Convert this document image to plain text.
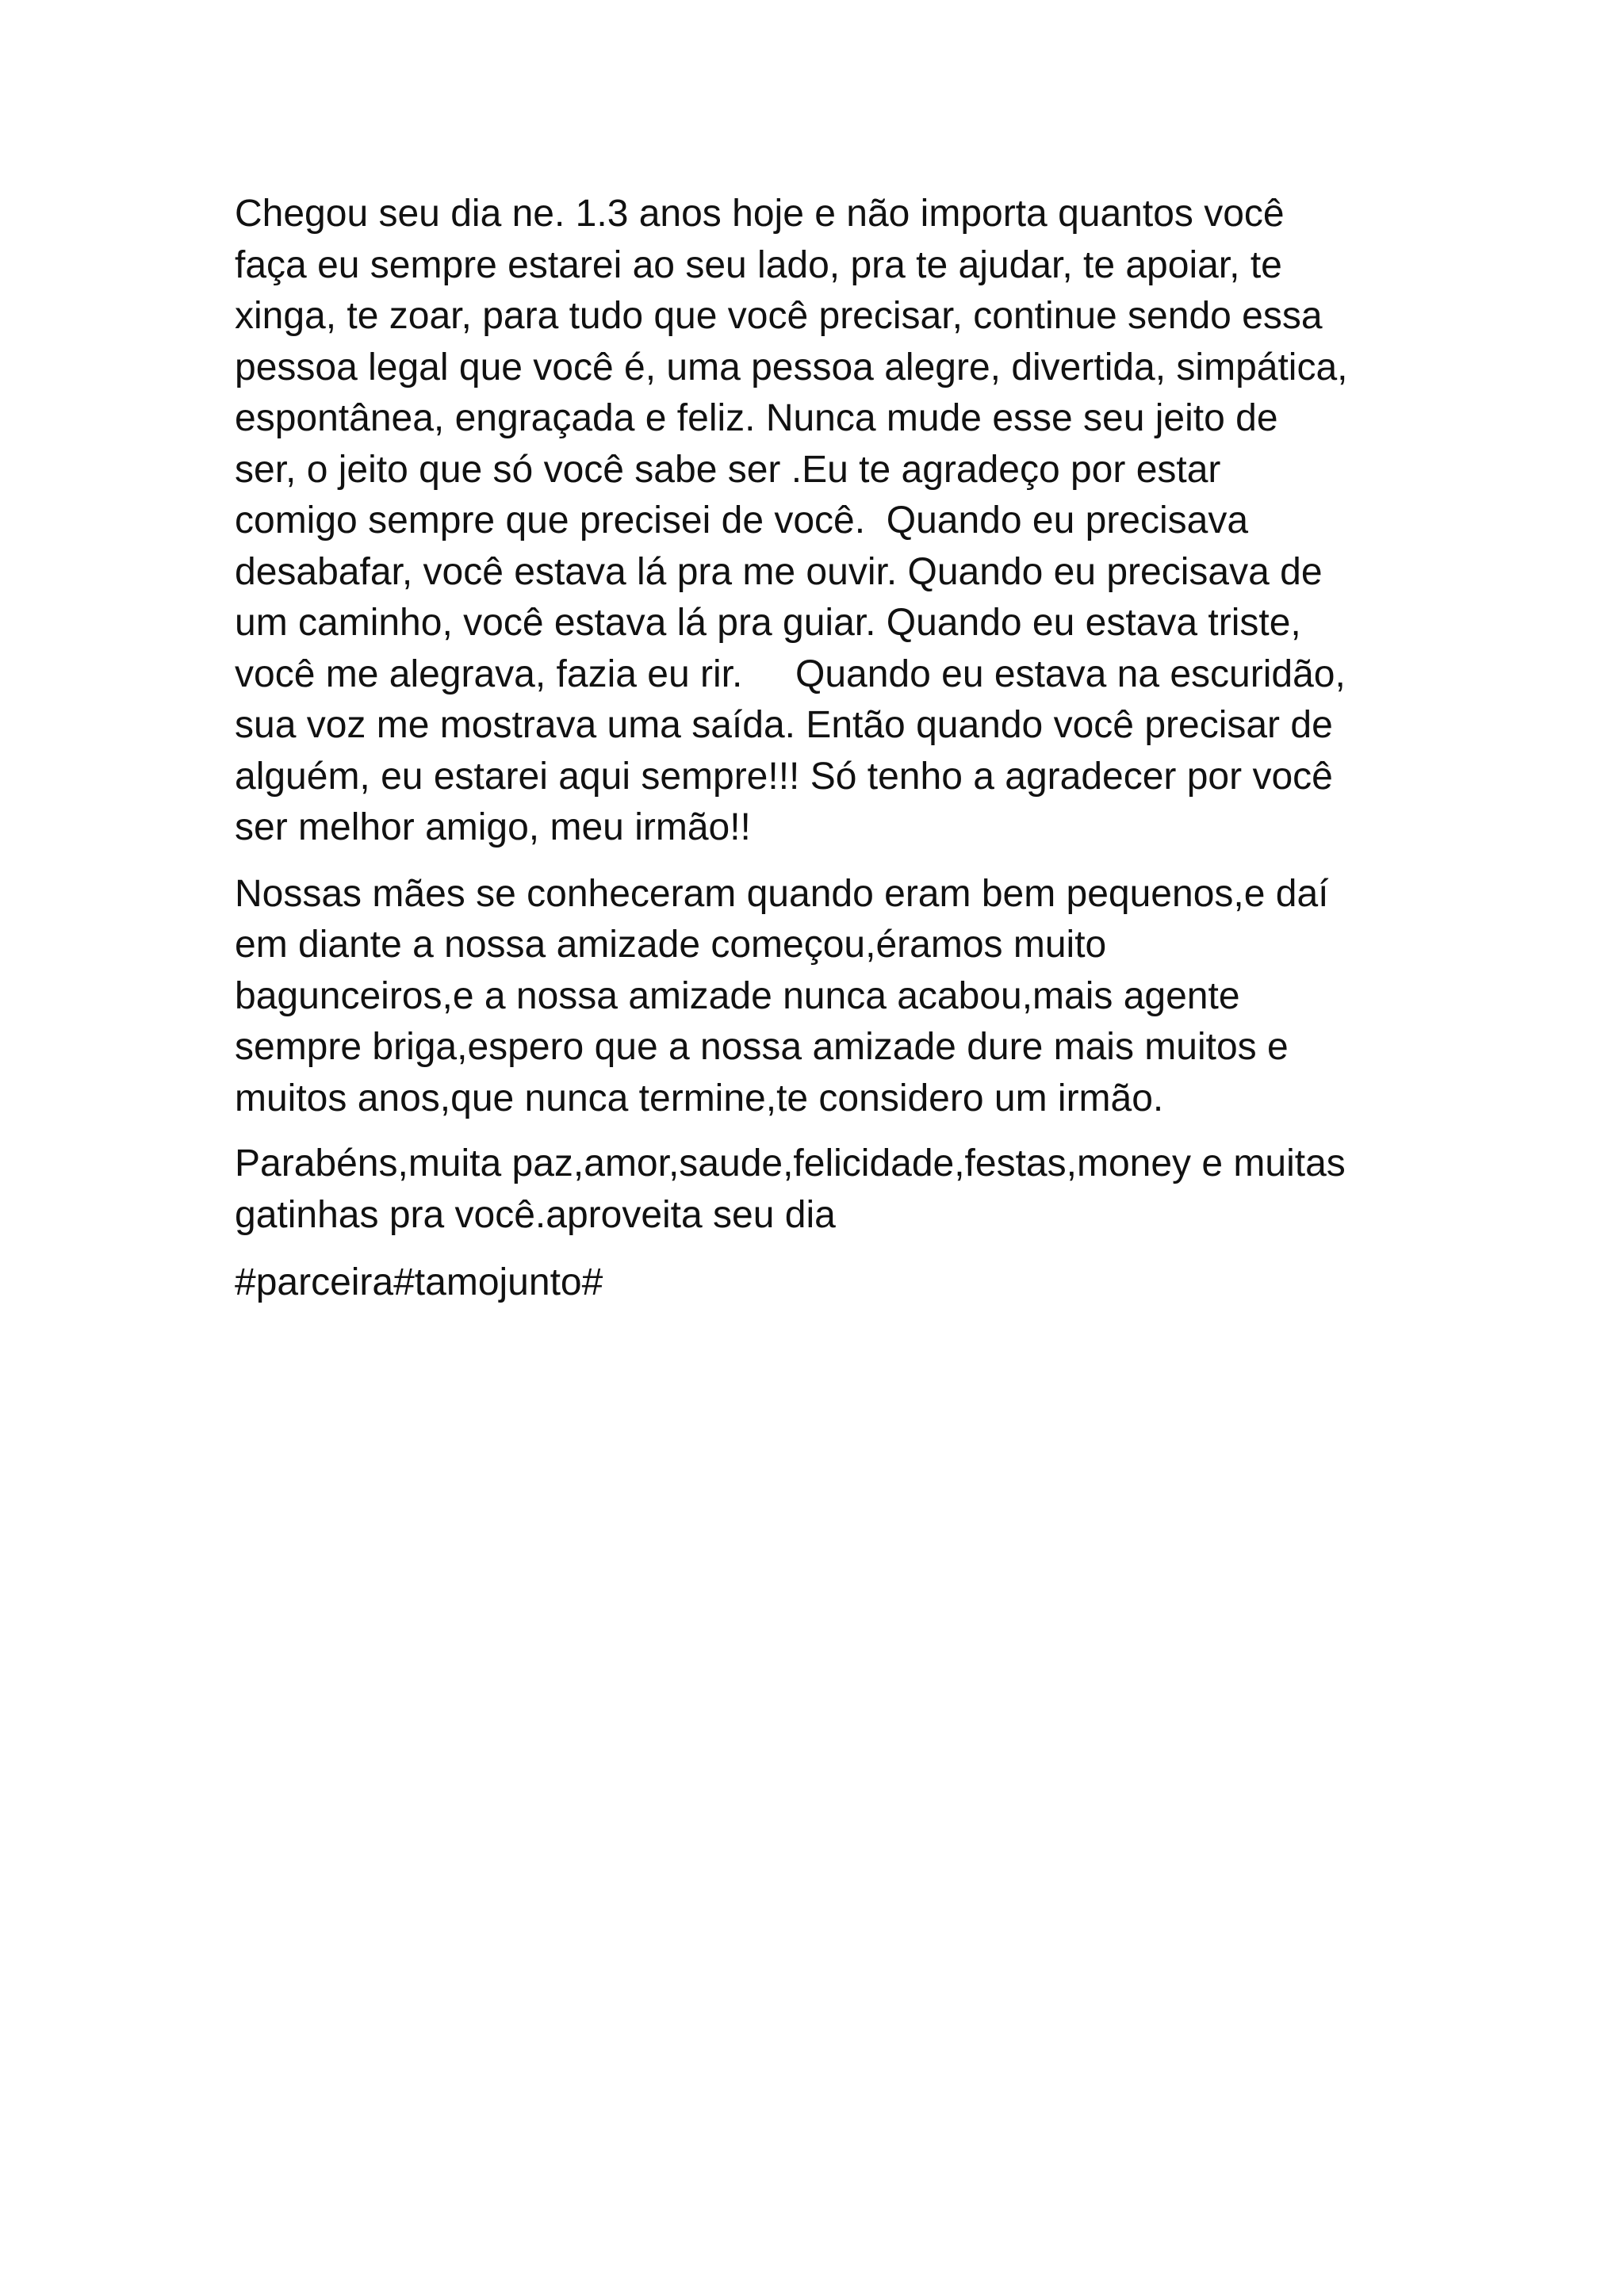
Chegou seu dia ne. 1.3 anos hoje e não importa quantos você
faça eu sempre estarei ao seu lado, pra te ajudar, te apoiar, te
xinga, te zoar, para tudo que você precisar, continue sendo essa
pessoa legal que você é, uma pessoa alegre, divertida, simpática,
espontânea, engraçada e feliz. Nunca mude esse seu jeito de
ser, o jeito que só você sabe ser .Eu te agradeço por estar
comigo sempre que precisei de você.  Quando eu precisava
desabafar, você estava lá pra me ouvir. Quando eu precisava de
um caminho, você estava lá pra guiar. Quando eu estava triste,
você me alegrava, fazia eu rir.     Quando eu estava na escuridão,
sua voz me mostrava uma saída. Então quando você precisar de
alguém, eu estarei aqui sempre!!! Só tenho a agradecer por você
ser melhor amigo, meu irmão!!

Nossas mães se conheceram quando eram bem pequenos,e daí
em diante a nossa amizade começou,éramos muito
bagunceiros,e a nossa amizade nunca acabou,mais agente
sempre briga,espero que a nossa amizade dure mais muitos e
muitos anos,que nunca termine,te considero um irmão.

Parabéns,muita paz,amor,saude,felicidade,festas,money e muitas
gatinhas pra você.aproveita seu dia

#parceira#tamojunto#
